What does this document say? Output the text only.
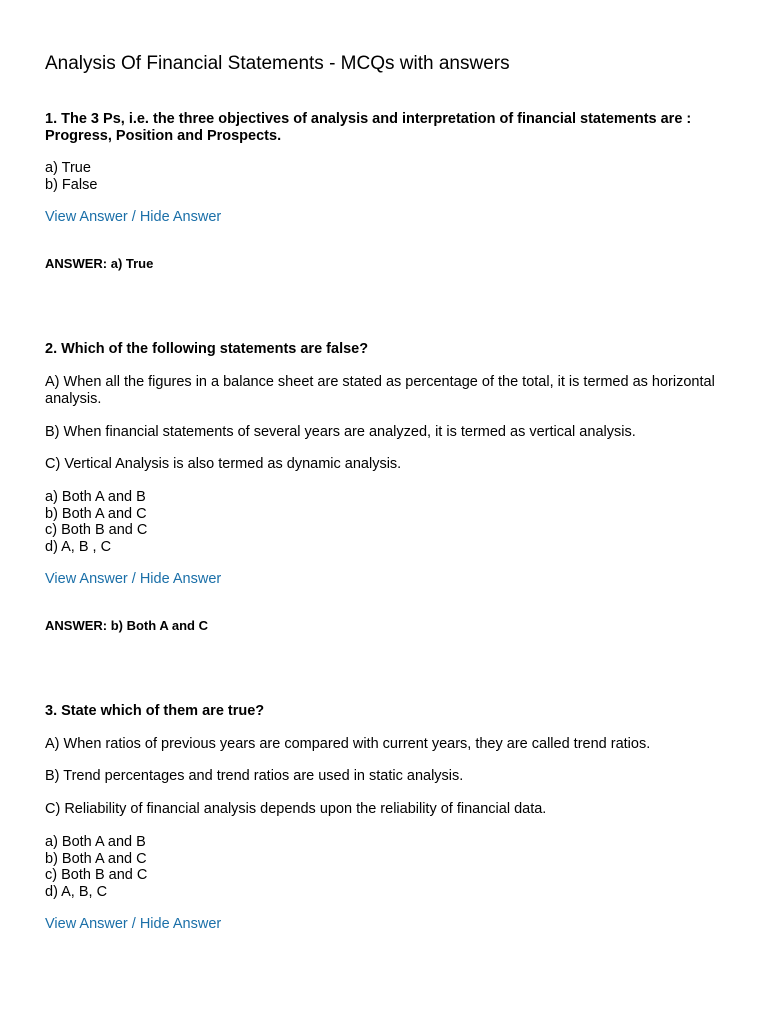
Analysis Of Financial Statements - MCQs with answers

1. The 3 Ps, i.e. the three objectives of analysis and interpretation of financial statements are : Progress, Position and Prospects.

a) True
b) False
View Answer / Hide Answer

ANSWER: a) True

2. Which of the following statements are false?

A) When all the figures in a balance sheet are stated as percentage of the total, it is termed as horizontal analysis.

B) When financial statements of several years are analyzed, it is termed as vertical analysis.

C) Vertical Analysis is also termed as dynamic analysis.

a) Both A and B
b) Both A and C
c) Both B and C
d) A, B , C
View Answer / Hide Answer

ANSWER: b) Both A and C

3. State which of them are true?

A) When ratios of previous years are compared with current years, they are called trend ratios.

B) Trend percentages and trend ratios are used in static analysis.

C) Reliability of financial analysis depends upon the reliability of financial data.

a) Both A and B
b) Both A and C
c) Both B and C
d) A, B, C
View Answer / Hide Answer
